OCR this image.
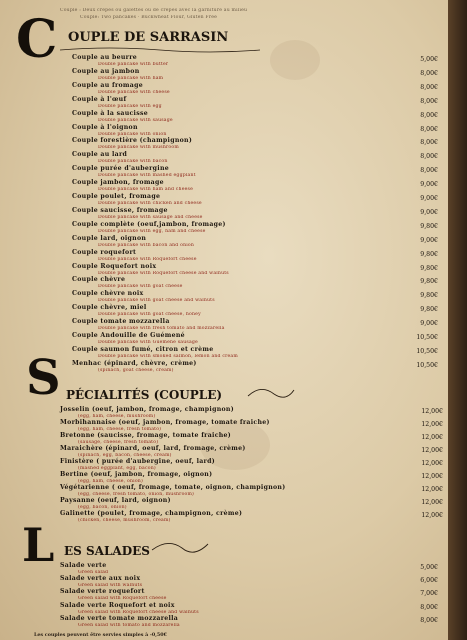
Couple : Deux crêpes ou galettes ou de crêpes avec la garniture au milieu
Couple: Two pancakes · Buckwheat Flour, Gluten Free
C OUPLE DE SARRASIN
Couple au beurre
Double pancake with butter
5,00€
Couple au jambon
Double pancake with ham
8,00€
Couple au fromage
Double pancake with cheese
8,00€
Couple à l'œuf
Double pancake with egg
8,00€
Couple à la saucisse
Double pancake with sausage
8,00€
Couple à l'oignon
Double pancake with onion
8,00€
Couple forestière (champignon)
Double pancake with mushroom
8,00€
Couple au lard
Double pancake with bacon
8,00€
Couple purée d'aubergine
Double pancake with mashed eggplant
8,00€
Couple jambon, fromage
Double pancake with ham and cheese
9,00€
Couple poulet, fromage
Double pancake with chicken and cheese
9,00€
Couple saucisse, fromage
Double pancake with sausage and cheese
9,00€
Couple complète (oeuf,jambon, fromage)
Double pancake with egg, ham and cheese
9,80€
Couple lard, oignon
Double pancake with bacon and onion
9,00€
Couple roquefort
Double pancake with Roquefort cheese
9,80€
Couple Roquefort noix
Double pancake with Roquefort cheese and walnuts
9,80€
Couple chèvre
Double pancake with goat cheese
9,80€
Couple chèvre noix
Double pancake with goat cheese and walnuts
9,80€
Couple chèvre, miel
Double pancake with goat cheese, honey
9,80€
Couple tomate mozzarella
Double pancake with fresh tomato and mozzarella
9,00€
Couple Andouille de Guémené
Double pancake with Guémené sausage
10,50€
Couple saumon fumé, citron et crème
Double pancake with smoked salmon, lemon and cream
10,50€
Menhac (épinard, chèvre, crème)
(spinach, goat cheese, cream)
10,50€
S PÉCIALITÉS (COUPLE)
Josselin (oeuf, jambon, fromage, champignon)
(egg, ham, cheese, mushroom)
12,00€
Morbihannaise (oeuf, jambon, fromage, tomate fraiche)
(egg, ham, cheese, fresh tomato)
12,00€
Bretonne (saucisse, fromage, tomate fraiche)
(sausage, cheese, fresh tomato)
12,00€
Maraichère (épinard, oeuf, lard, fromage, crème)
(spinach, egg, bacon, cheese, cream)
12,00€
Finistère ( purée d'aubergine, oeuf, lard)
(mashed eggplant, egg, bacon)
12,00€
Bertine (oeuf, jambon, fromage, oignon)
(egg, ham, cheese, onion)
12,00€
Végétarienne ( oeuf, fromage, tomate, oignon, champignon)
(egg, cheese, fresh tomato, onion, mushroom)
12,00€
Paysanne (oeuf, lard, oignon)
(egg, bacon, onion)
12,00€
Galinette (poulet, fromage, champignon, crème)
(chicken, cheese, mushroom, cream)
12,00€
L ES SALADES
Salade verte
Green salad
5,00€
Salade verte aux noix
Green salad with walnuts
6,00€
Salade verte roquefort
Green salad with Roquefort cheese
7,00€
Salade verte Roquefort et noix
Green salad with Roquefort cheese and walnuts
8,00€
Salade verte tomate mozzarella
Green salad with tomato and mozzarella
8,00€
Les couples peuvent être servies simples à -0,50€
